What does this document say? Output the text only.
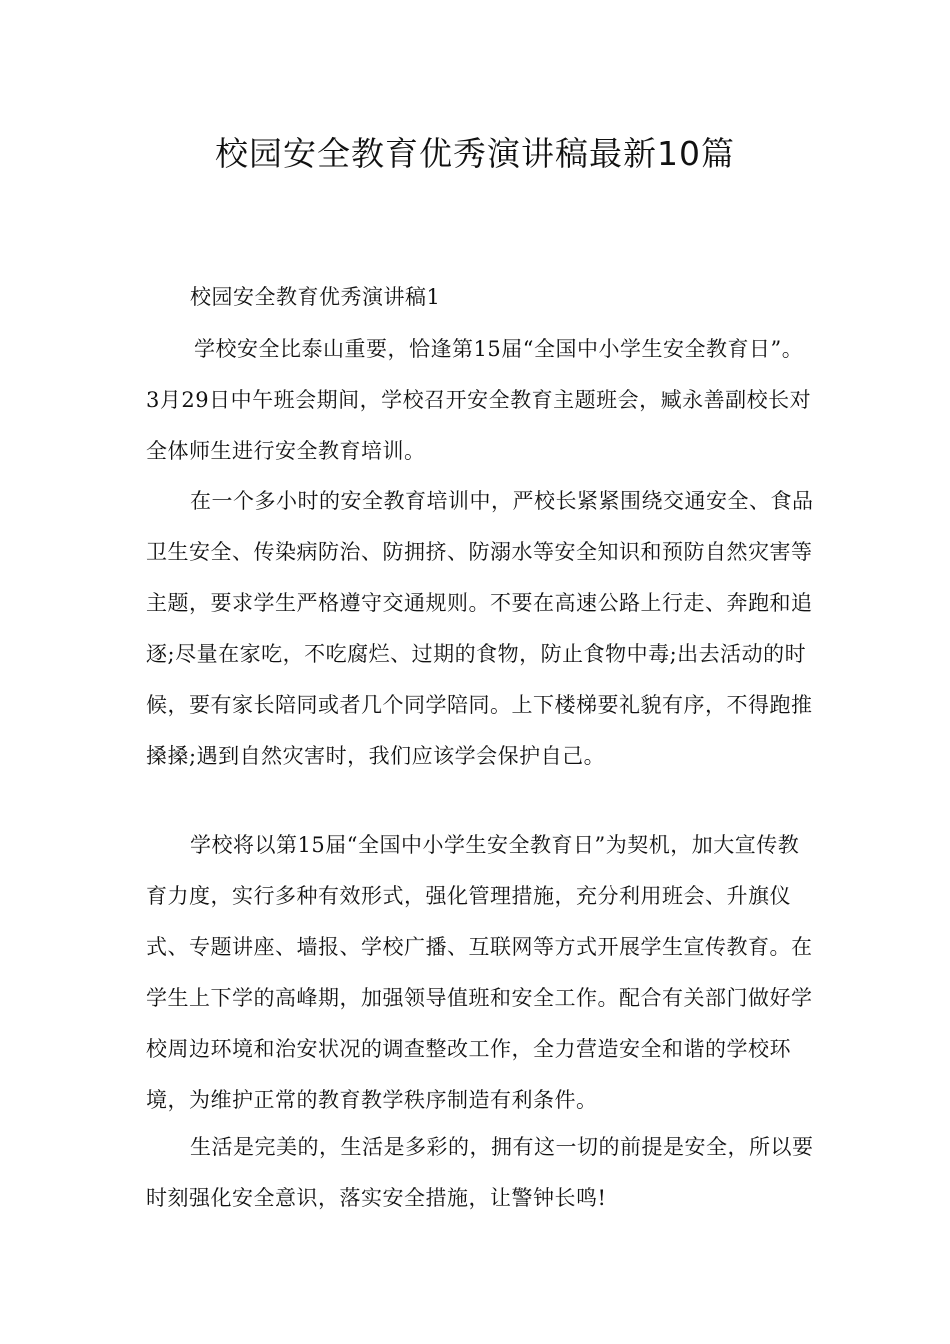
校园安全教育优秀演讲稿最新10篇

校园安全教育优秀演讲稿1

学校安全比泰山重要，恰逢第15届“全国中小学生安全教育日”。3月29日中午班会期间，学校召开安全教育主题班会，臧永善副校长对全体师生进行安全教育培训。

在一个多小时的安全教育培训中，严校长紧紧围绕交通安全、食品卫生安全、传染病防治、防拥挤、防溺水等安全知识和预防自然灾害等主题，要求学生严格遵守交通规则。不要在高速公路上行走、奔跑和追逐;尽量在家吃，不吃腐烂、过期的食物，防止食物中毒;出去活动的时候，要有家长陪同或者几个同学陪同。上下楼梯要礼貌有序，不得跑推搡搡;遇到自然灾害时，我们应该学会保护自己。

学校将以第15届“全国中小学生安全教育日”为契机，加大宣传教育力度，实行多种有效形式，强化管理措施，充分利用班会、升旗仪式、专题讲座、墙报、学校广播、互联网等方式开展学生宣传教育。在学生上下学的高峰期，加强领导值班和安全工作。配合有关部门做好学校周边环境和治安状况的调查整改工作，全力营造安全和谐的学校环境，为维护正常的教育教学秩序制造有利条件。

生活是完美的，生活是多彩的，拥有这一切的前提是安全，所以要时刻强化安全意识，落实安全措施，让警钟长鸣!
